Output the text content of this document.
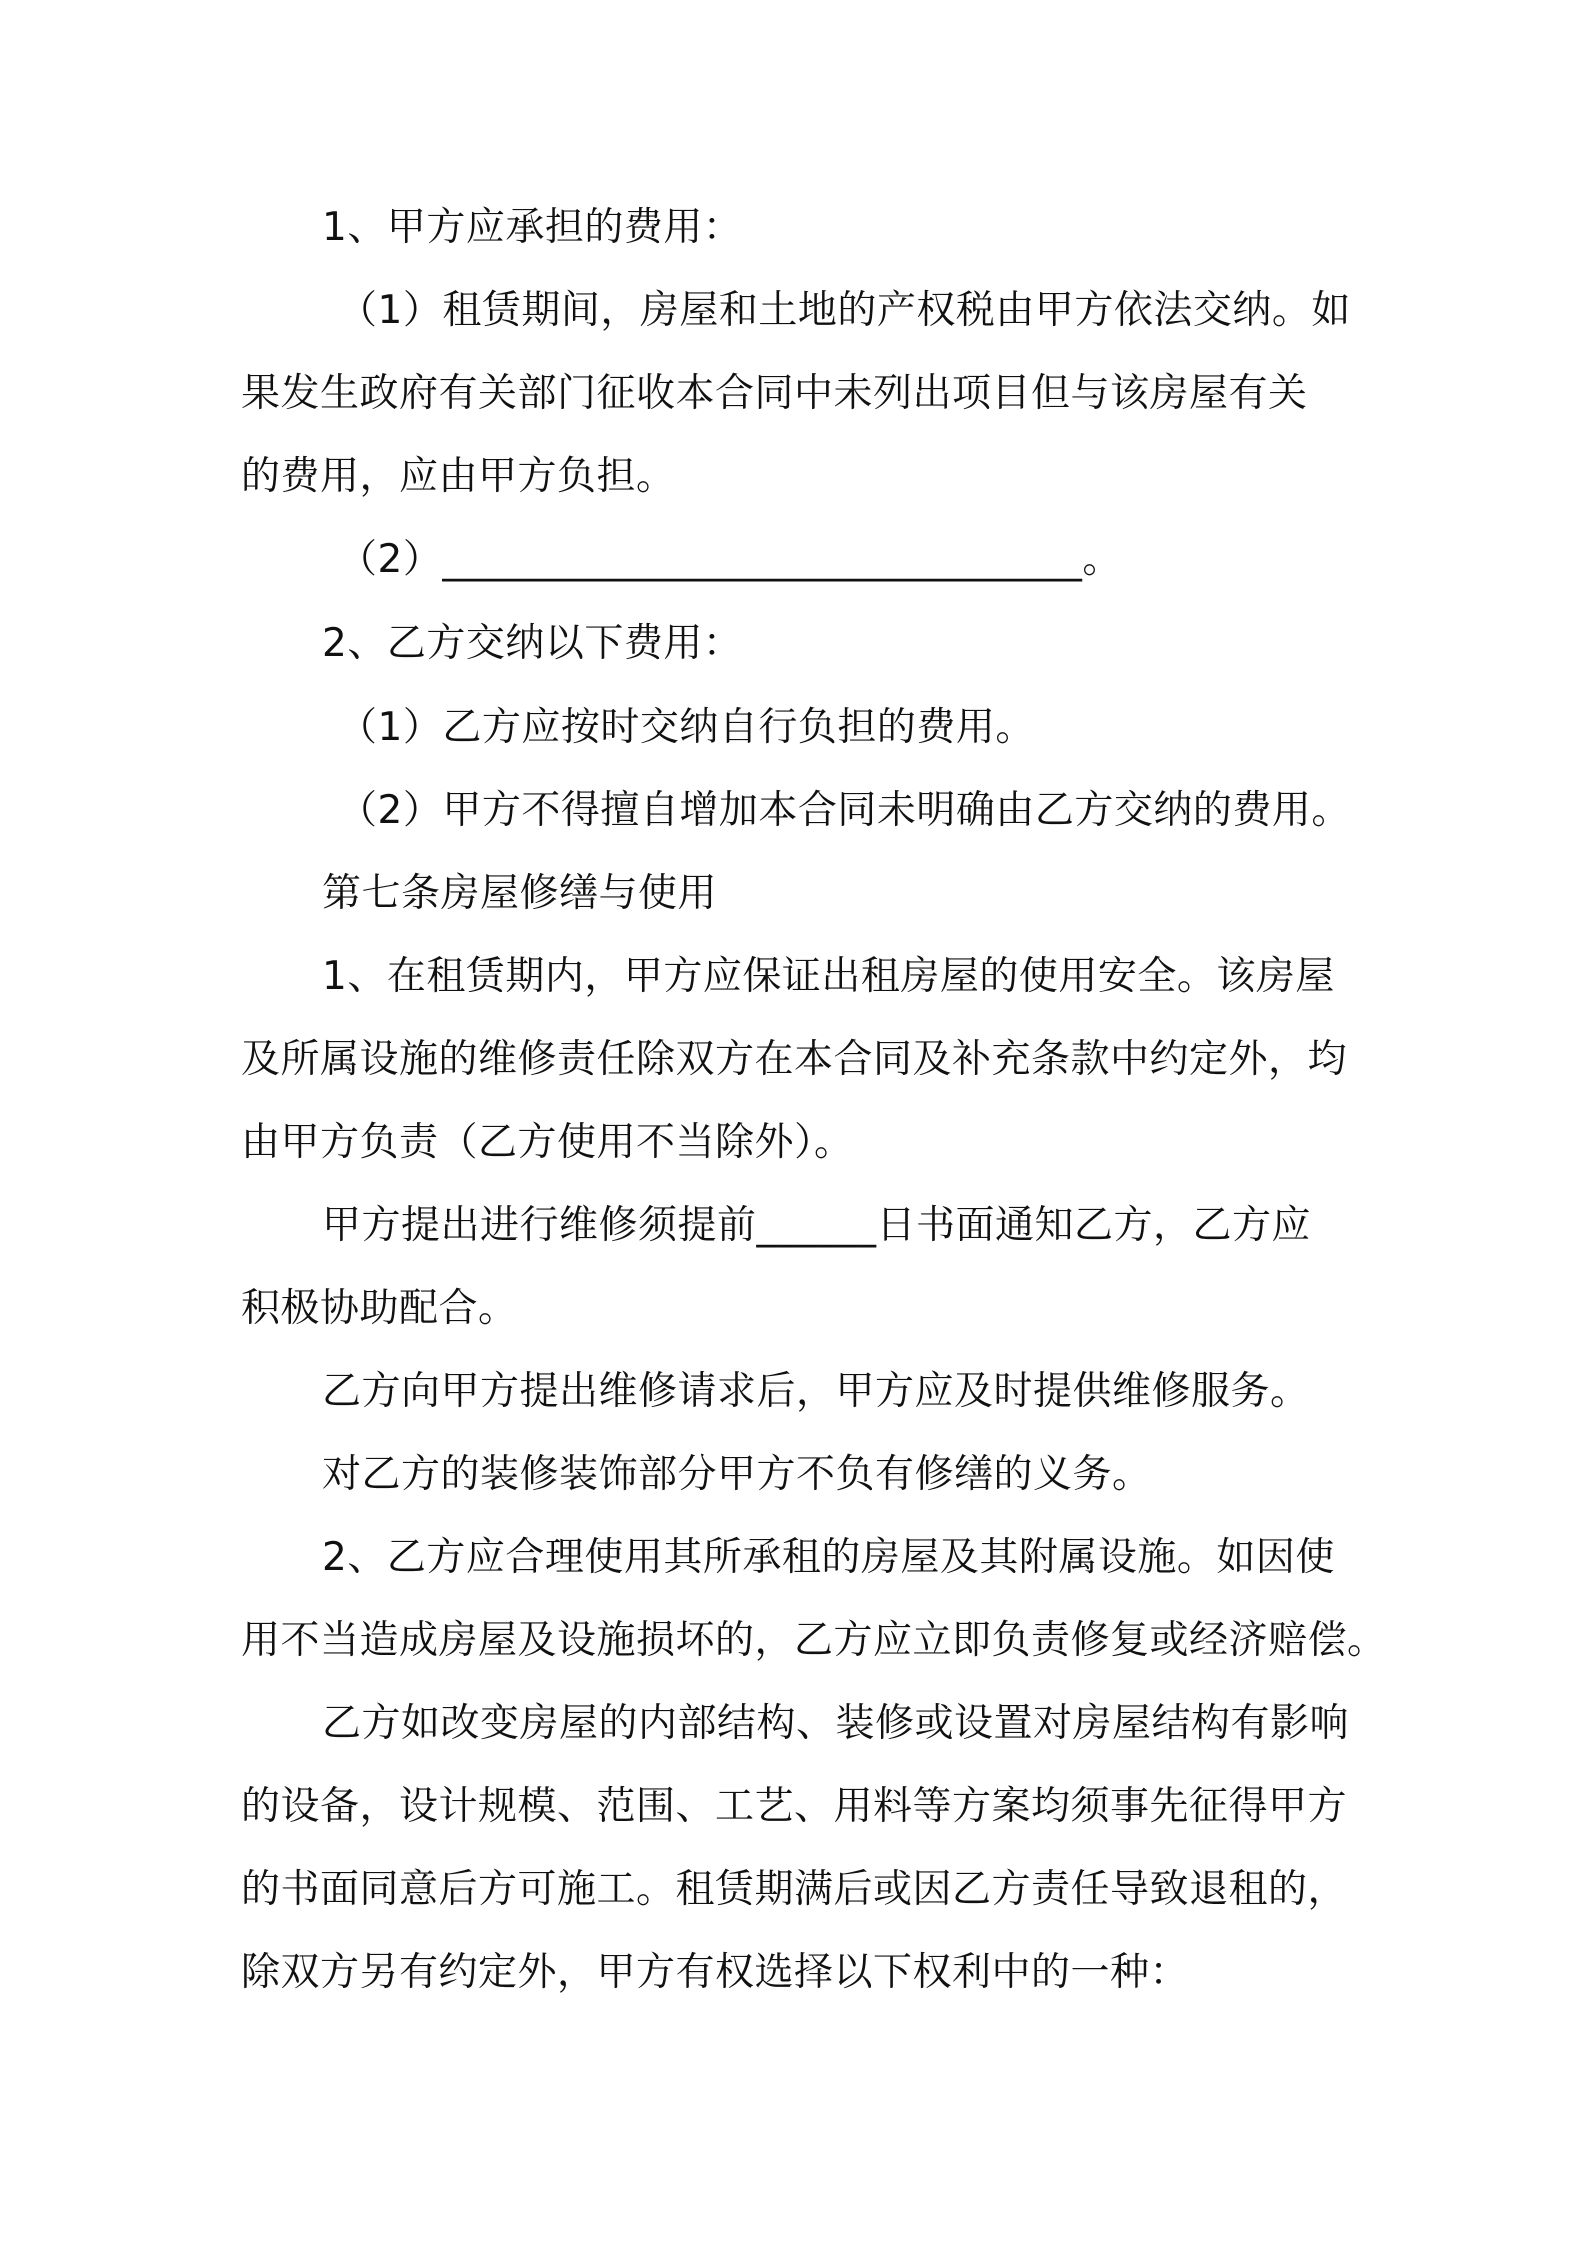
1、甲方应承担的费用：
（1）租赁期间，房屋和土地的产权税由甲方依法交纳。如
果发生政府有关部门征收本合同中未列出项目但与该房屋有关
的费用，应由甲方负担。
（2）________________________________。
2、乙方交纳以下费用：
（1）乙方应按时交纳自行负担的费用。
（2）甲方不得擅自增加本合同未明确由乙方交纳的费用。
第七条房屋修缮与使用
1、在租赁期内，甲方应保证出租房屋的使用安全。该房屋
及所属设施的维修责任除双方在本合同及补充条款中约定外，均
由甲方负责（乙方使用不当除外）。
甲方提出进行维修须提前______日书面通知乙方，乙方应
积极协助配合。
乙方向甲方提出维修请求后，甲方应及时提供维修服务。
对乙方的装修装饰部分甲方不负有修缮的义务。
2、乙方应合理使用其所承租的房屋及其附属设施。如因使
用不当造成房屋及设施损坏的，乙方应立即负责修复或经济赔偿。
乙方如改变房屋的内部结构、装修或设置对房屋结构有影响
的设备，设计规模、范围、工艺、用料等方案均须事先征得甲方
的书面同意后方可施工。租赁期满后或因乙方责任导致退租的，
除双方另有约定外，甲方有权选择以下权利中的一种：
